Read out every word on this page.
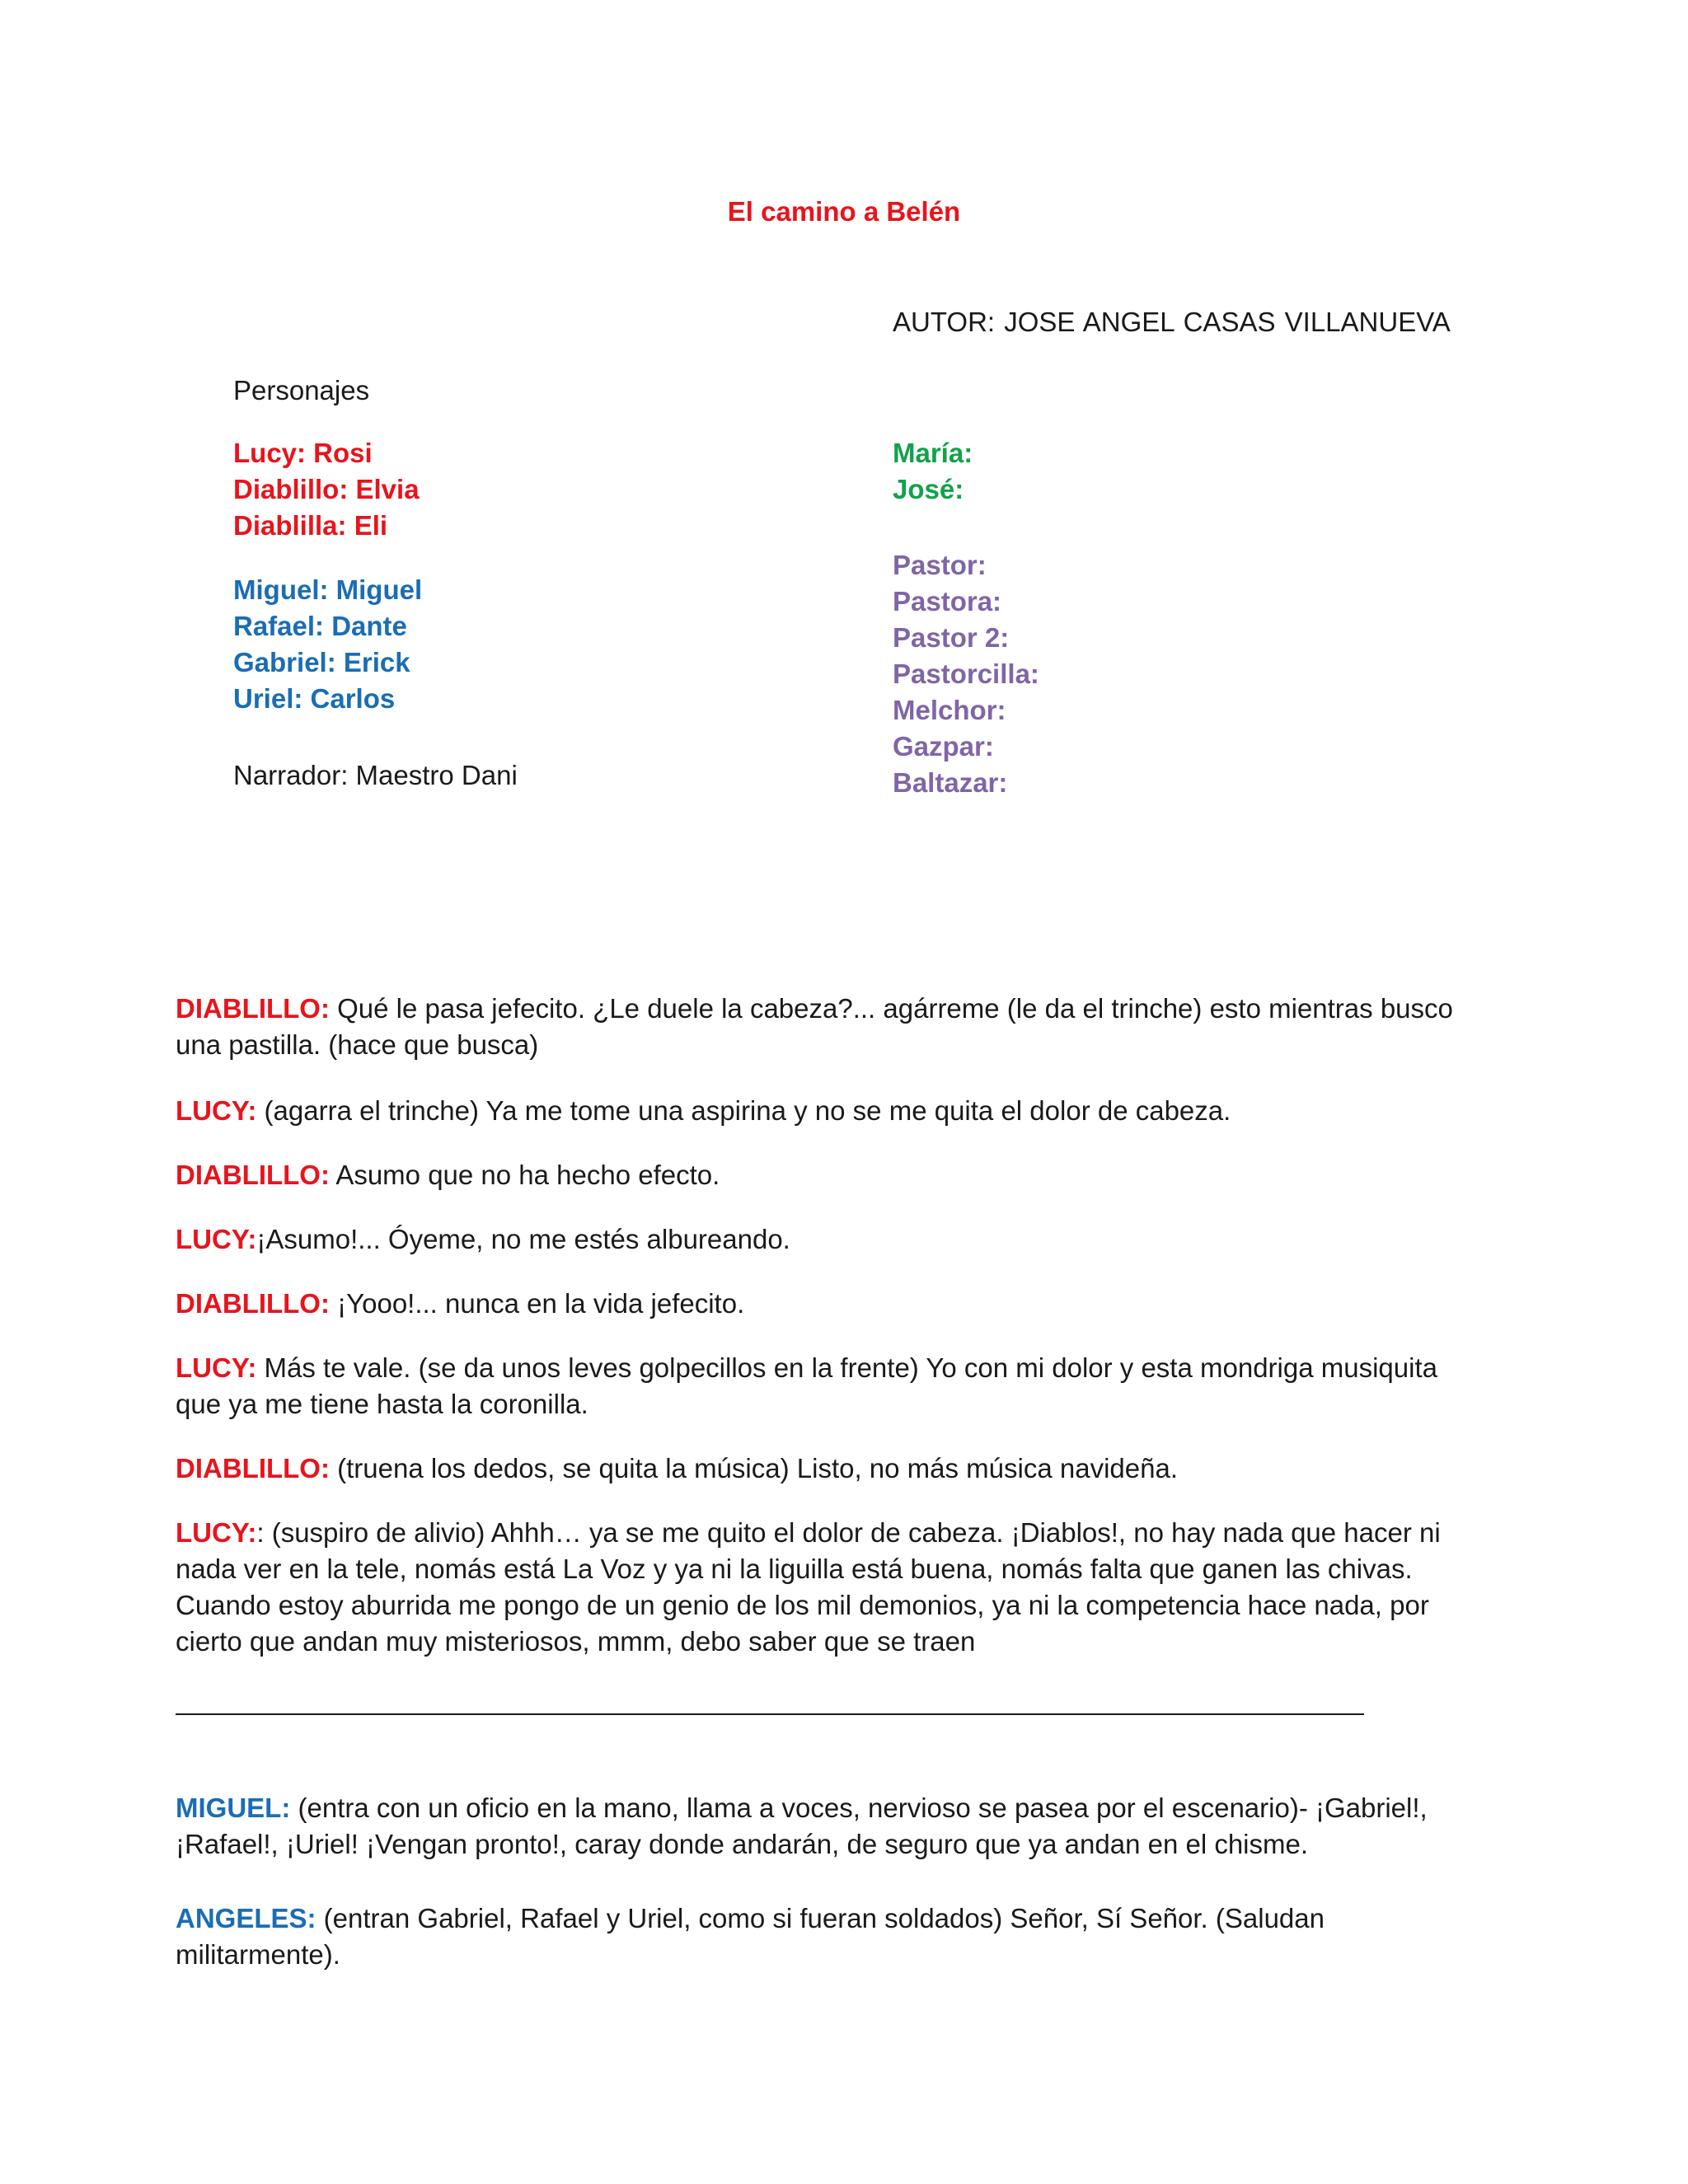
El camino a Belén
AUTOR: JOSE ANGEL CASAS VILLANUEVA
Personajes
Lucy: Rosi
Diablillo: Elvia
Diablilla: Eli
Miguel: Miguel
Rafael: Dante
Gabriel: Erick
Uriel: Carlos
Narrador: Maestro Dani
María:
José:
Pastor:
Pastora:
Pastor 2:
Pastorcilla:
Melchor:
Gazpar:
Baltazar:
DIABLILLO: Qué le pasa jefecito. ¿Le duele la cabeza?... agárreme (le da el trinche) esto mientras busco una pastilla. (hace que busca)
LUCY: (agarra el trinche) Ya me tome una aspirina y no se me quita el dolor de cabeza.
DIABLILLO: Asumo que no ha hecho efecto.
LUCY:¡Asumo!... Óyeme, no me estés albureando.
DIABLILLO: ¡Yooo!... nunca en la vida jefecito.
LUCY: Más te vale. (se da unos leves golpecillos en la frente) Yo con mi dolor y esta mondriga musiquita que ya me tiene hasta la coronilla.
DIABLILLO: (truena los dedos, se quita la música) Listo, no más música navideña.
LUCY:: (suspiro de alivio) Ahhh… ya se me quito el dolor de cabeza. ¡Diablos!, no hay nada que hacer ni nada ver en la tele, nomás está La Voz y ya ni la liguilla está buena, nomás falta que ganen las chivas. Cuando estoy aburrida me pongo de un genio de los mil demonios, ya ni la competencia hace nada, por cierto que andan muy misteriosos, mmm, debo saber que se traen
MIGUEL: (entra con un oficio en la mano, llama a voces, nervioso se pasea por el escenario)- ¡Gabriel!, ¡Rafael!, ¡Uriel! ¡Vengan pronto!, caray donde andarán, de seguro que ya andan en el chisme.
ANGELES: (entran Gabriel, Rafael y Uriel, como si fueran soldados) Señor, Sí Señor. (Saludan militarmente).
